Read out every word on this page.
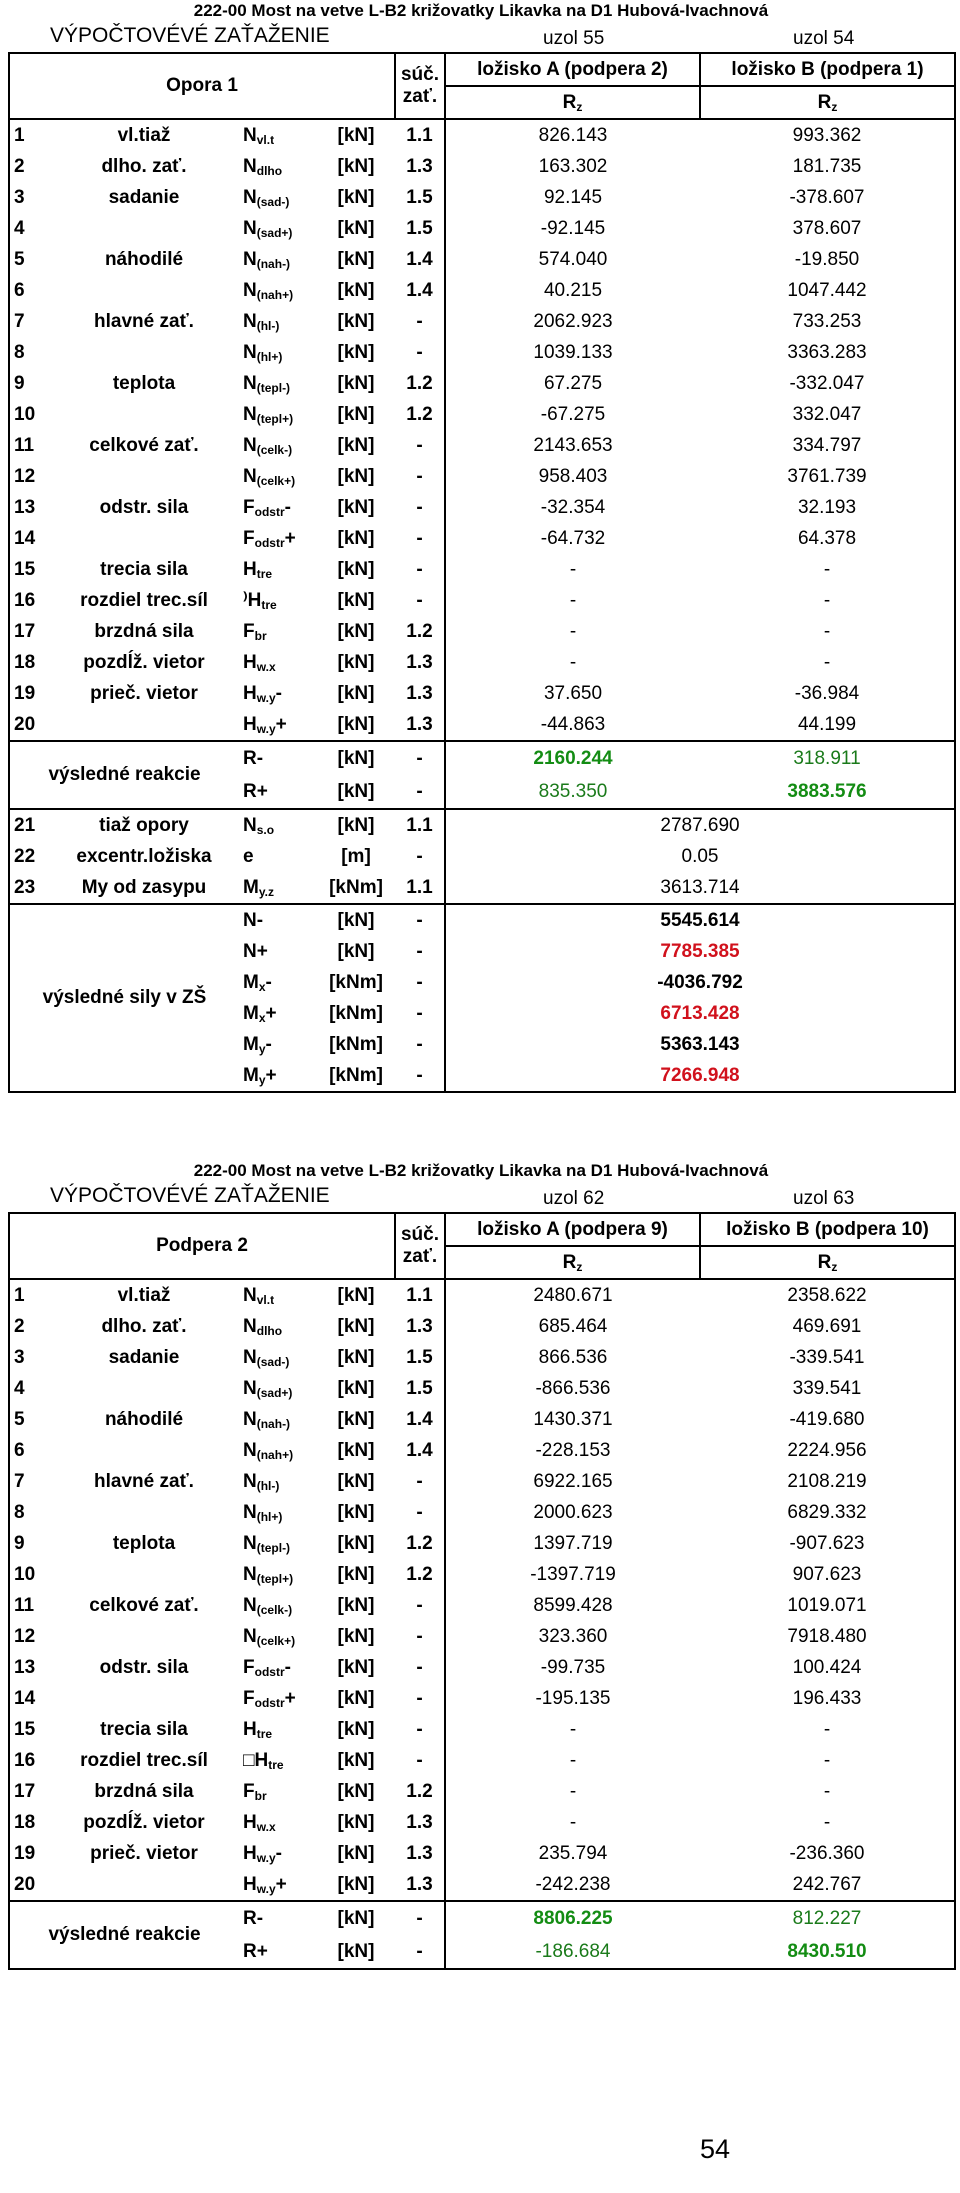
222-00 Most na vetve L-B2 križovatky Likavka na D1 Hubová-Ivachnová
VÝPOČTOVÉVÉ ZAŤAŽENIE	uzol 55	uzol 54
Opora 1				súč.
zať.	ložisko A (podpera 2)	ložisko B (podpera 1)
					$R_z$	$R_z$
1	vl.tiaž	$N_{vl.t}$	[kN]	1.1	826.143	993.362
2	dlho. zať.	$N_{dlho}$	[kN]	1.3	163.302	181.735
3	sadanie	$N_{(sad-)}$	[kN]	1.5	92.145	-378.607
4		$N_{(sad+)}$	[kN]	1.5	-92.145	378.607
5	náhodilé	$N_{(nah-)}$	[kN]	1.4	574.040	-19.850
6		$N_{(nah+)}$	[kN]	1.4	40.215	1047.442
7	hlavné zať.	$N_{(hl-)}$	[kN]	-	2062.923	733.253
8		$N_{(hl+)}$	[kN]	-	1039.133	3363.283
9	teplota	$N_{(tepl-)}$	[kN]	1.2	67.275	-332.047
10		$N_{(tepl+)}$	[kN]	1.2	-67.275	332.047
11	celkové zať.	$N_{(celk-)}$	[kN]	-	2143.653	334.797
12		$N_{(celk+)}$	[kN]	-	958.403	3761.739
13	odstr. sila	$F_{odstr}-$	[kN]	-	-32.354	32.193
14		$F_{odstr}+$	[kN]	-	-64.732	64.378
15	trecia sila	$H_{tre}$	[kN]	-	-	-
16	rozdiel trec.síl	$^)H_{tre}$	[kN]	-	-	-
17	brzdná sila	$F_{br}$	[kN]	1.2	-	-
18	pozdĺž. vietor	$H_{w.x}$	[kN]	1.3	-	-
19	prieč. vietor	$H_{w.y}-$	[kN]	1.3	37.650	-36.984
20		$H_{w.y}+$	[kN]	1.3	-44.863	44.199
výsledné reakcie		R-	[kN]	-	2160.244	318.911
		R+	[kN]	-	835.350	3883.576
21	tiaž opory	$N_{s.o}$	[kN]	1.1	2787.690	
22	excentr.ložiska	e	[m]	-	0.05	
23	My od zasypu	$M_{y.z}$	[kNm]	1.1	3613.714	
výsledné sily v ZŠ		N-	[kN]	-	5545.614	
		N+	[kN]	-	7785.385	
		$M_x-$	[kNm]	-	-4036.792	
		$M_x+$	[kNm]	-	6713.428	
		$M_y-$	[kNm]	-	5363.143	
		$M_y+$	[kNm]	-	7266.948	
222-00 Most na vetve L-B2 križovatky Likavka na D1 Hubová-Ivachnová
VÝPOČTOVÉVÉ ZAŤAŽENIE	uzol 62	uzol 63
Podpera 2				súč.
zať.	ložisko A (podpera 9)	ložisko B (podpera 10)
					$R_z$	$R_z$
1	vl.tiaž	$N_{vl.t}$	[kN]	1.1	2480.671	2358.622
2	dlho. zať.	$N_{dlho}$	[kN]	1.3	685.464	469.691
3	sadanie	$N_{(sad-)}$	[kN]	1.5	866.536	-339.541
4		$N_{(sad+)}$	[kN]	1.5	-866.536	339.541
5	náhodilé	$N_{(nah-)}$	[kN]	1.4	1430.371	-419.680
6		$N_{(nah+)}$	[kN]	1.4	-228.153	2224.956
7	hlavné zať.	$N_{(hl-)}$	[kN]	-	6922.165	2108.219
8		$N_{(hl+)}$	[kN]	-	2000.623	6829.332
9	teplota	$N_{(tepl-)}$	[kN]	1.2	1397.719	-907.623
10		$N_{(tepl+)}$	[kN]	1.2	-1397.719	907.623
11	celkové zať.	$N_{(celk-)}$	[kN]	-	8599.428	1019.071
12		$N_{(celk+)}$	[kN]	-	323.360	7918.480
13	odstr. sila	$F_{odstr}-$	[kN]	-	-99.735	100.424
14		$F_{odstr}+$	[kN]	-	-195.135	196.433
15	trecia sila	$H_{tre}$	[kN]	-	-	-
16	rozdiel trec.síl	$□H_{tre}$	[kN]	-	-	-
17	brzdná sila	$F_{br}$	[kN]	1.2	-	-
18	pozdĺž. vietor	$H_{w.x}$	[kN]	1.3	-	-
19	prieč. vietor	$H_{w.y}-$	[kN]	1.3	235.794	-236.360
20		$H_{w.y}+$	[kN]	1.3	-242.238	242.767
výsledné reakcie		R-	[kN]	-	8806.225	812.227
		R+	[kN]	-	-186.684	8430.510
54
